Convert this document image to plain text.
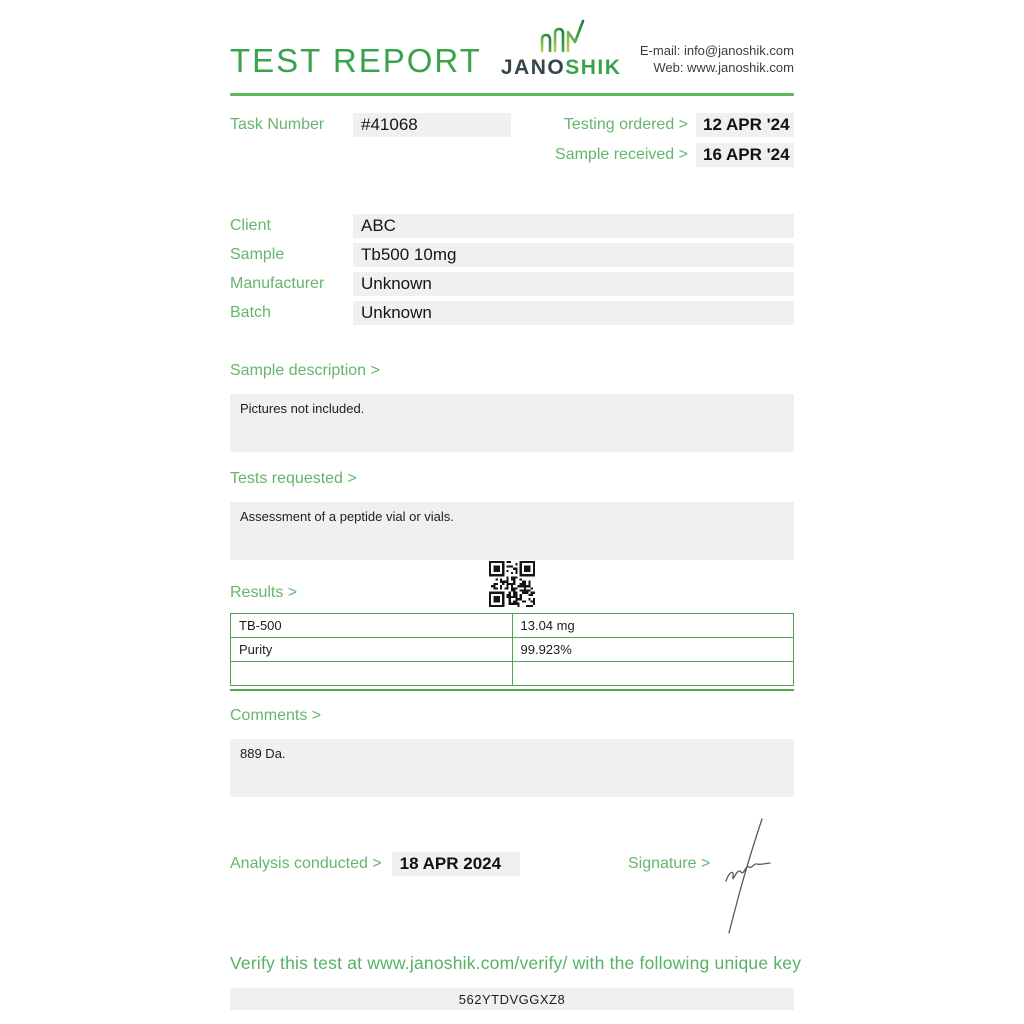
TEST REPORT JANOSHIK
E-mail: info@janoshik.com
Web: www.janoshik.com
Task Number	#41068	Testing ordered > 12 APR '24
Sample received > 16 APR '24
Client	ABC
Sample	Tb500 10mg
Manufacturer	Unknown
Batch	Unknown
Sample description >
Pictures not included.
Tests requested >
Assessment of a peptide vial or vials.
Results >
TB-500	13.04 mg
Purity	99.923%

Comments >
889 Da.
Analysis conducted >	18 APR 2024	Signature >
Verify this test at www.janoshik.com/verify/ with the following unique key
562YTDVGGXZ8
